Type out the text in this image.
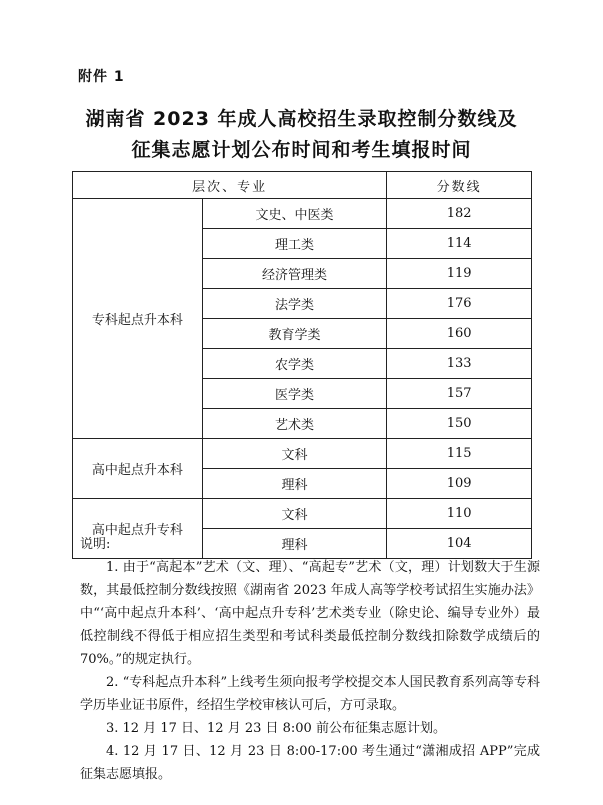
附件 1
湖南省 2023 年成人高校招生录取控制分数线及
征集志愿计划公布时间和考生填报时间
层次、专业		分数线
专科起点升本科	文史、中医类	182
	理工类	114
	经济管理类	119
	法学类	176
	教育学类	160
	农学类	133
	医学类	157
	艺术类	150
高中起点升本科	文科	115
	理科	109
高中起点升专科	文科	110
	理科	104

说明:

1. 由于“高起本”艺术（文、理）、“高起专”艺术（文，理）计划数大于生源数，其最低控制分数线按照《湖南省 2023 年成人高等学校考试招生实施办法》中“‘高中起点升本科’、‘高中起点升专科’艺术类专业（除史论、编导专业外）最低控制线不得低于相应招生类型和考试科类最低控制分数线扣除数学成绩后的 70%。”的规定执行。

2. “专科起点升本科”上线考生须向报考学校提交本人国民教育系列高等专科学历毕业证书原件，经招生学校审核认可后，方可录取。

3. 12 月 17 日、12 月 23 日 8:00 前公布征集志愿计划。

4. 12 月 17 日、12 月 23 日 8:00-17:00 考生通过“潇湘成招 APP”完成征集志愿填报。
